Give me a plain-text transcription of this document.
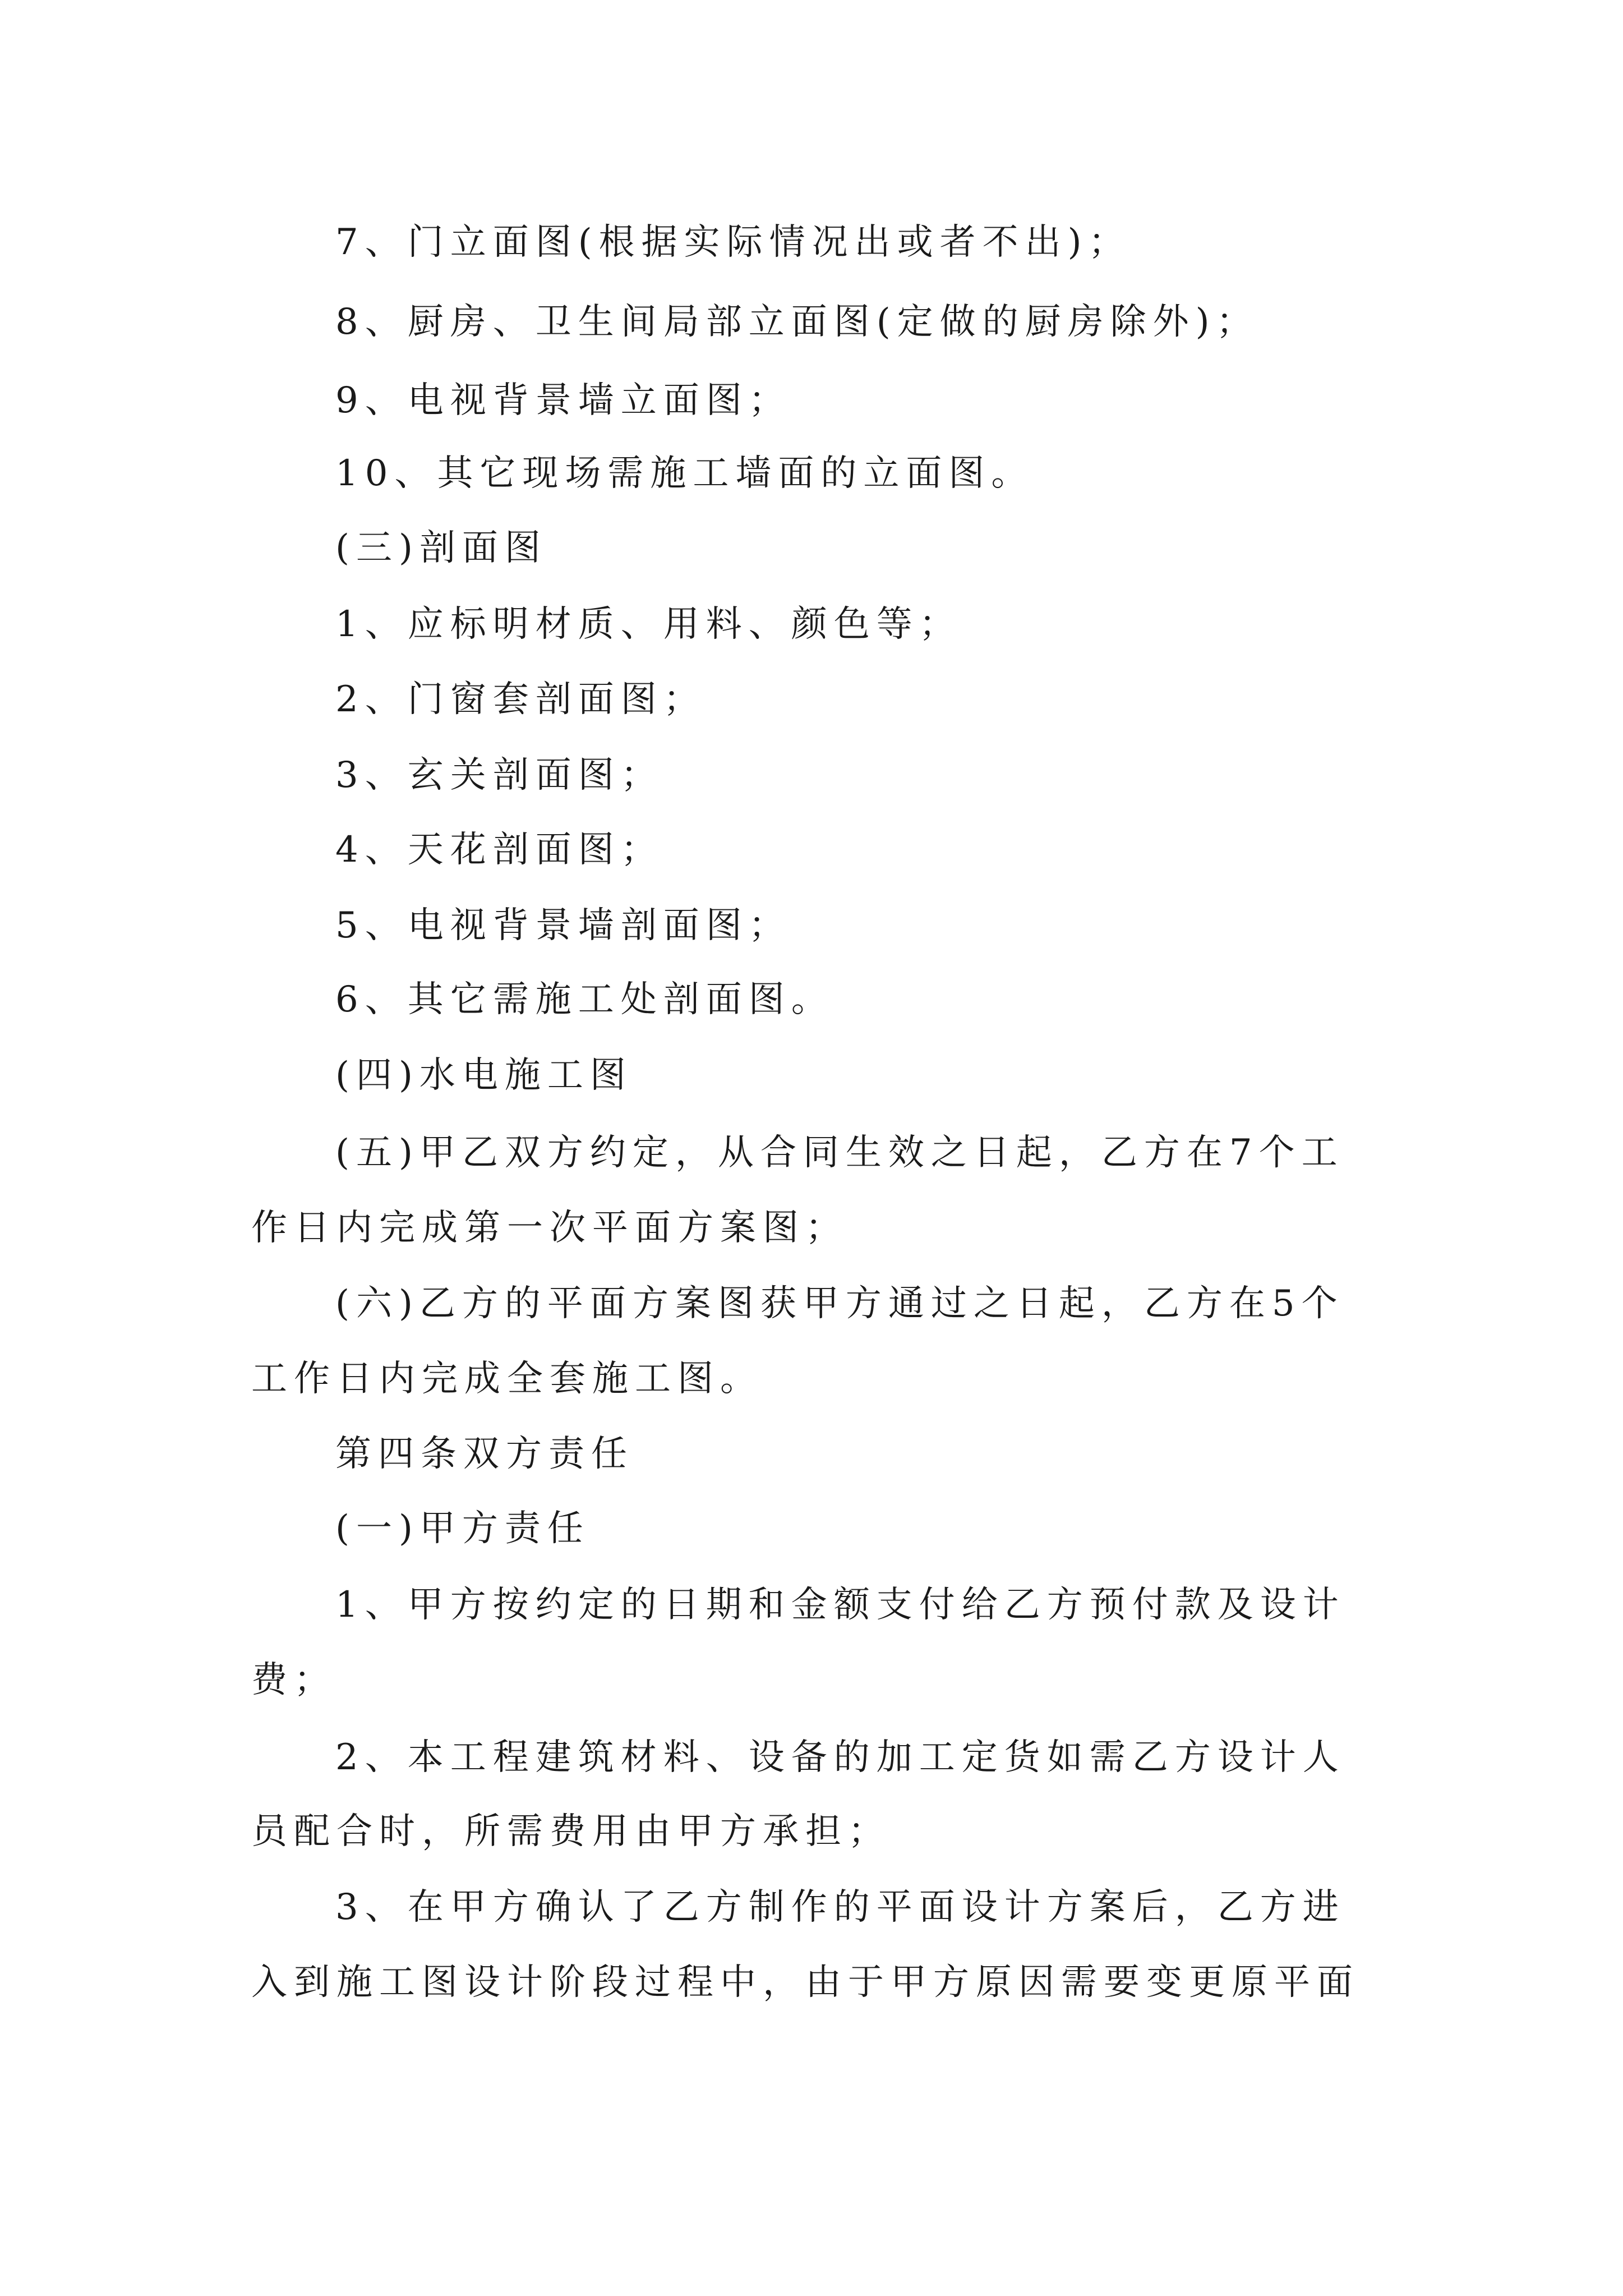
7、门立面图(根据实际情况出或者不出)；
8、厨房、卫生间局部立面图(定做的厨房除外)；
9、电视背景墙立面图；
10、其它现场需施工墙面的立面图。
(三)剖面图
1、应标明材质、用料、颜色等；
2、门窗套剖面图；
3、玄关剖面图；
4、天花剖面图；
5、电视背景墙剖面图；
6、其它需施工处剖面图。
(四)水电施工图
(五)甲乙双方约定，从合同生效之日起，乙方在7个工
作日内完成第一次平面方案图；
(六)乙方的平面方案图获甲方通过之日起，乙方在5个
工作日内完成全套施工图。
第四条双方责任
(一)甲方责任
1、甲方按约定的日期和金额支付给乙方预付款及设计
费；
2、本工程建筑材料、设备的加工定货如需乙方设计人
员配合时，所需费用由甲方承担；
3、在甲方确认了乙方制作的平面设计方案后，乙方进
入到施工图设计阶段过程中，由于甲方原因需要变更原平面
